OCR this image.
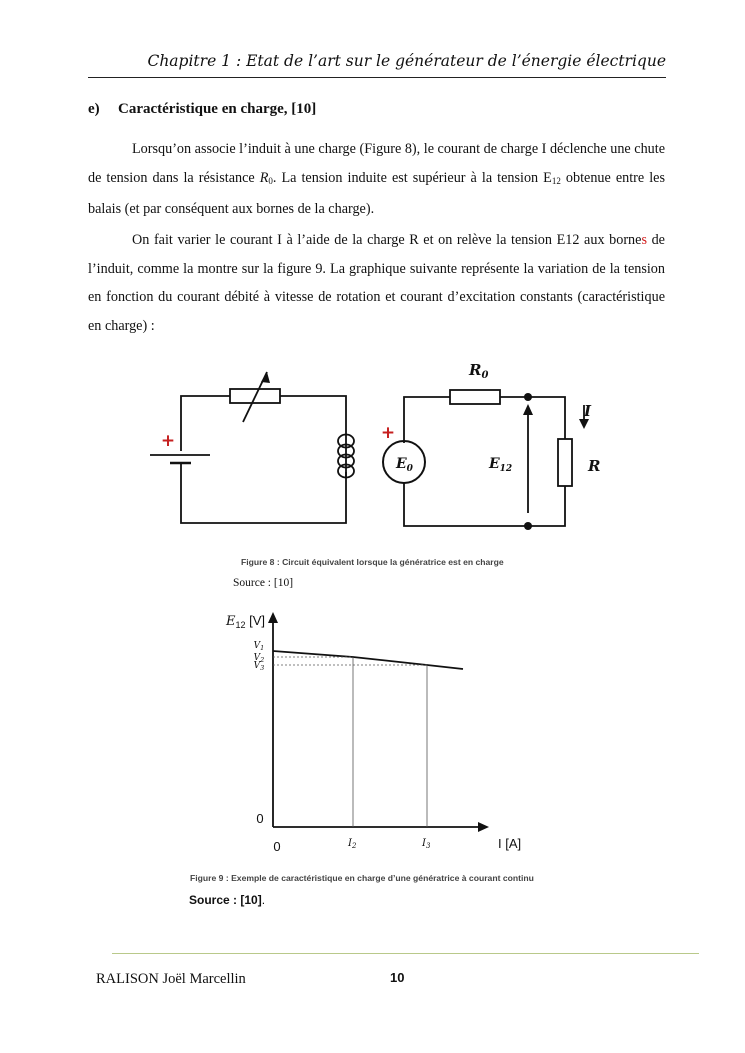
Chapitre 1 : Etat de l’art sur le générateur de l’énergie électrique
e) Caractéristique en charge, [10]

Lorsqu’on associe l’induit à une charge (Figure 8), le courant de charge I déclenche une chute de tension dans la résistance $R_0$. La tension induite est supérieur à la tension $E_{12}$ obtenue entre les balais (et par conséquent aux bornes de la charge).

On fait varier le courant I à l’aide de la charge R et on relève la tension E12 aux bornes de l’induit, comme la montre sur la figure 9. La graphique suivante représente la variation de la tension en fonction du courant débité à vitesse de rotation et courant d’excitation constants (caractéristique en charge) :

+	+
$R_0$
$E_0$	$E_{12}$
I
R
Figure 8 : Circuit équivalent lorsque la génératrice est en charge
Source : [10]
$I_2$	$I_3$
$V_1$
$V_2$
$V_3$
$E_{12}$ [V]
I [A]
0
0
Figure 9 : Exemple de caractéristique en charge d’une génératrice à courant continu
Source : [10].
RALISON Joël Marcellin	10
